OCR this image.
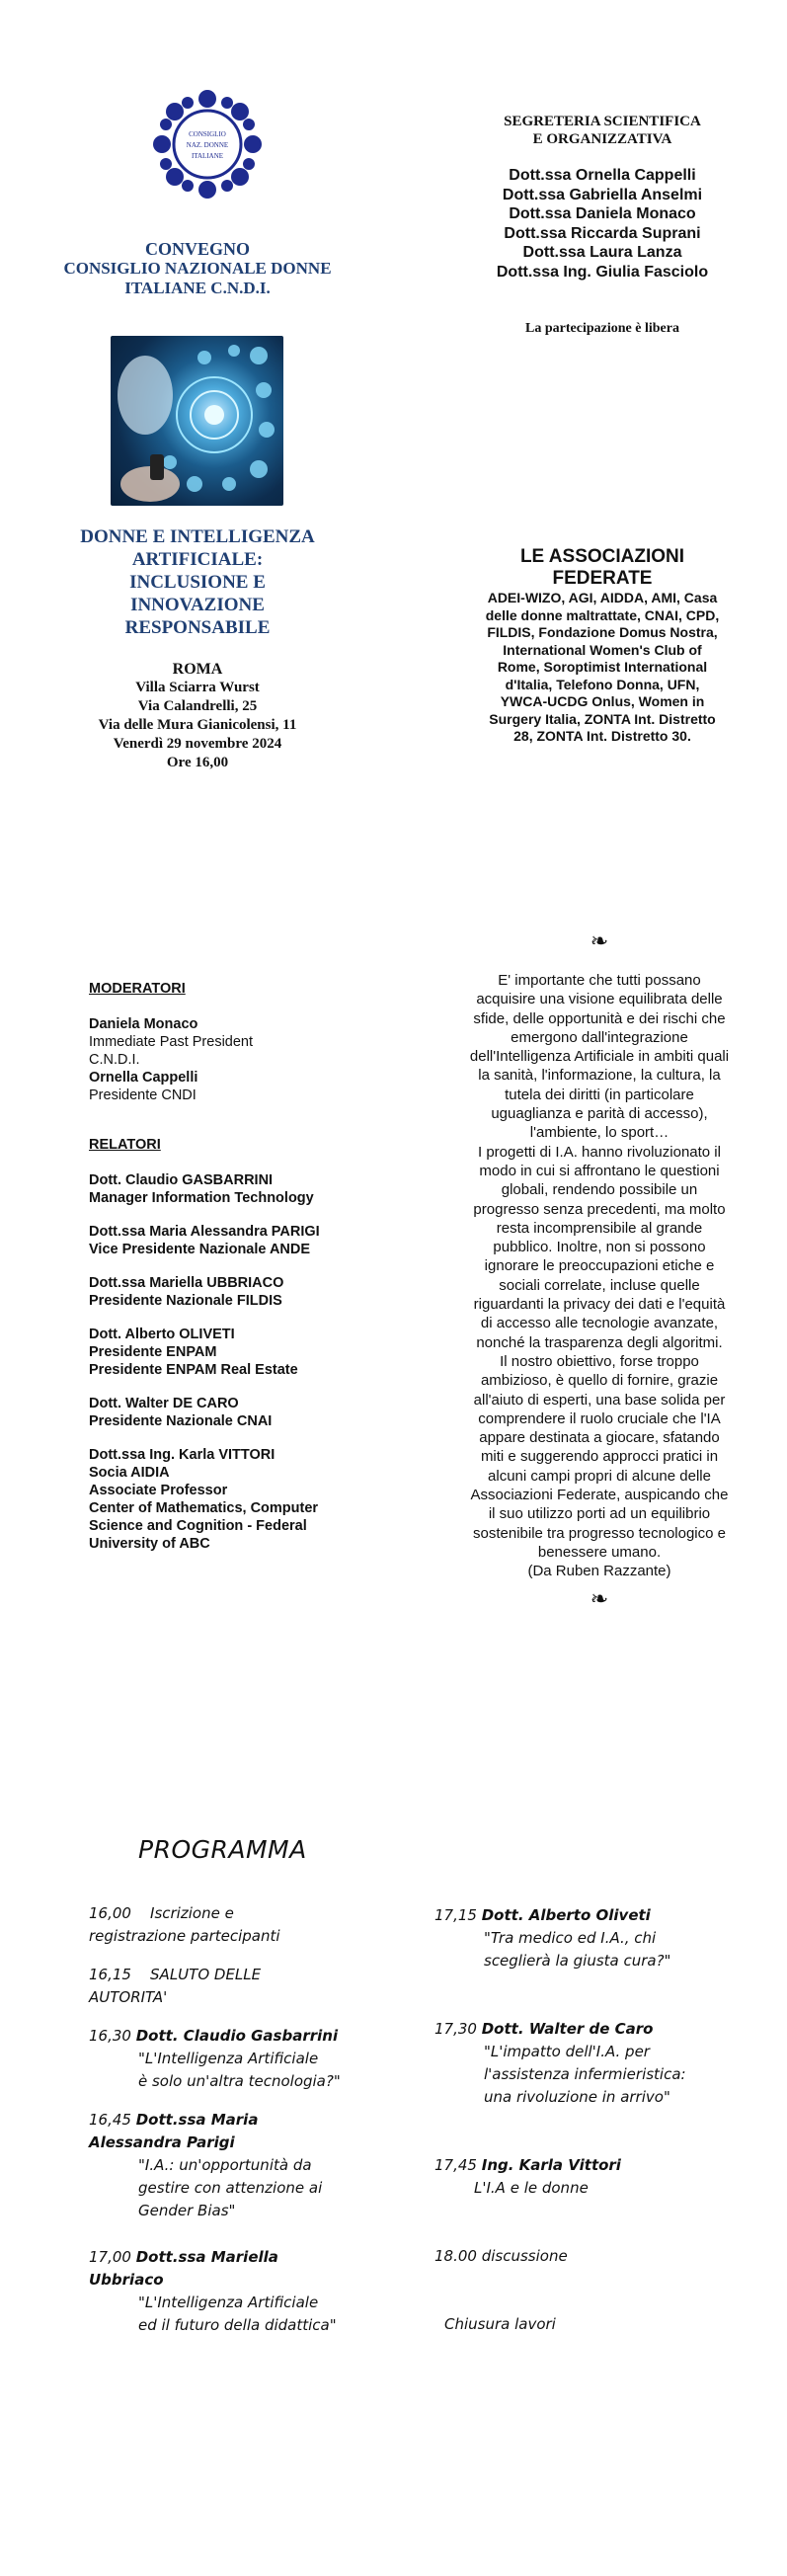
CONSIGLIO
NAZ. DONNE
ITALIANE
CONVEGNO
CONSIGLIO NAZIONALE DONNE
ITALIANE C.N.D.I.
DONNE E INTELLIGENZA
ARTIFICIALE:
INCLUSIONE E
INNOVAZIONE
RESPONSABILE
ROMA
Villa Sciarra Wurst
Via Calandrelli, 25
Via delle Mura Gianicolensi, 11
Venerdì 29 novembre 2024
Ore 16,00
SEGRETERIA SCIENTIFICA
E ORGANIZZATIVA
Dott.ssa Ornella Cappelli
Dott.ssa Gabriella Anselmi
Dott.ssa Daniela Monaco
Dott.ssa Riccarda Suprani
Dott.ssa Laura Lanza
Dott.ssa Ing. Giulia Fasciolo
La partecipazione è libera
LE ASSOCIAZIONI
FEDERATE
ADEI-WIZO, AGI, AIDDA, AMI, Casa
delle donne maltrattate, CNAI, CPD,
FILDIS, Fondazione Domus Nostra,
International Women's Club of
Rome, Soroptimist International
d'Italia, Telefono Donna, UFN,
YWCA-UCDG Onlus, Women in
Surgery Italia, ZONTA Int. Distretto
28, ZONTA Int. Distretto 30.
MODERATORI
Daniela Monaco
Immediate Past President
C.N.D.I.
Ornella Cappelli
Presidente CNDI
RELATORI
Dott. Claudio GASBARRINI
Manager Information Technology
Dott.ssa Maria Alessandra PARIGI
Vice Presidente Nazionale ANDE
Dott.ssa Mariella UBBRIACO
Presidente Nazionale FILDIS
Dott. Alberto OLIVETI
Presidente ENPAM
Presidente ENPAM Real Estate
Dott. Walter DE CARO
Presidente Nazionale CNAI
Dott.ssa Ing. Karla VITTORI
Socia AIDIA
Associate Professor
Center of Mathematics, Computer
Science and Cognition - Federal
University of ABC
❧
E' importante che tutti possano
acquisire una visione equilibrata delle
sfide, delle opportunità e dei rischi che
emergono dall'integrazione
dell'Intelligenza Artificiale in ambiti quali
la sanità, l'informazione, la cultura, la
tutela dei diritti (in particolare
uguaglianza e parità di accesso),
l'ambiente, lo sport…
I progetti di I.A. hanno rivoluzionato il
modo in cui si affrontano le questioni
globali, rendendo possibile un
progresso senza precedenti, ma molto
resta incomprensibile al grande
pubblico. Inoltre, non si possono
ignorare le preoccupazioni etiche e
sociali correlate, incluse quelle
riguardanti la privacy dei dati e l'equità
di accesso alle tecnologie avanzate,
nonché la trasparenza degli algoritmi.
Il nostro obiettivo, forse troppo
ambizioso, è quello di fornire, grazie
all'aiuto di esperti, una base solida per
comprendere il ruolo cruciale che l'IA
appare destinata a giocare, sfatando
miti e suggerendo approcci pratici in
alcuni campi propri di alcune delle
Associazioni Federate, auspicando che
il suo utilizzo porti ad un equilibrio
sostenibile tra progresso tecnologico e
benessere umano.
(Da Ruben Razzante)
❧
PROGRAMMA
16,00 Iscrizione e
registrazione partecipanti
16,15 SALUTO DELLE
AUTORITA'
16,30 Dott. Claudio Gasbarrini
"L'Intelligenza Artificiale
è solo un'altra tecnologia?"
16,45 Dott.ssa Maria
Alessandra Parigi
"I.A.: un'opportunità da
gestire con attenzione ai
Gender Bias"
17,00 Dott.ssa Mariella
Ubbriaco
"L'Intelligenza Artificiale
ed il futuro della didattica"
17,15 Dott. Alberto Oliveti
"Tra medico ed I.A., chi
sceglierà la giusta cura?"
17,30 Dott. Walter de Caro
"L'impatto dell'I.A. per
l'assistenza infermieristica:
una rivoluzione in arrivo"
17,45 Ing. Karla Vittori
L'I.A e le donne
18.00 discussione
Chiusura lavori
